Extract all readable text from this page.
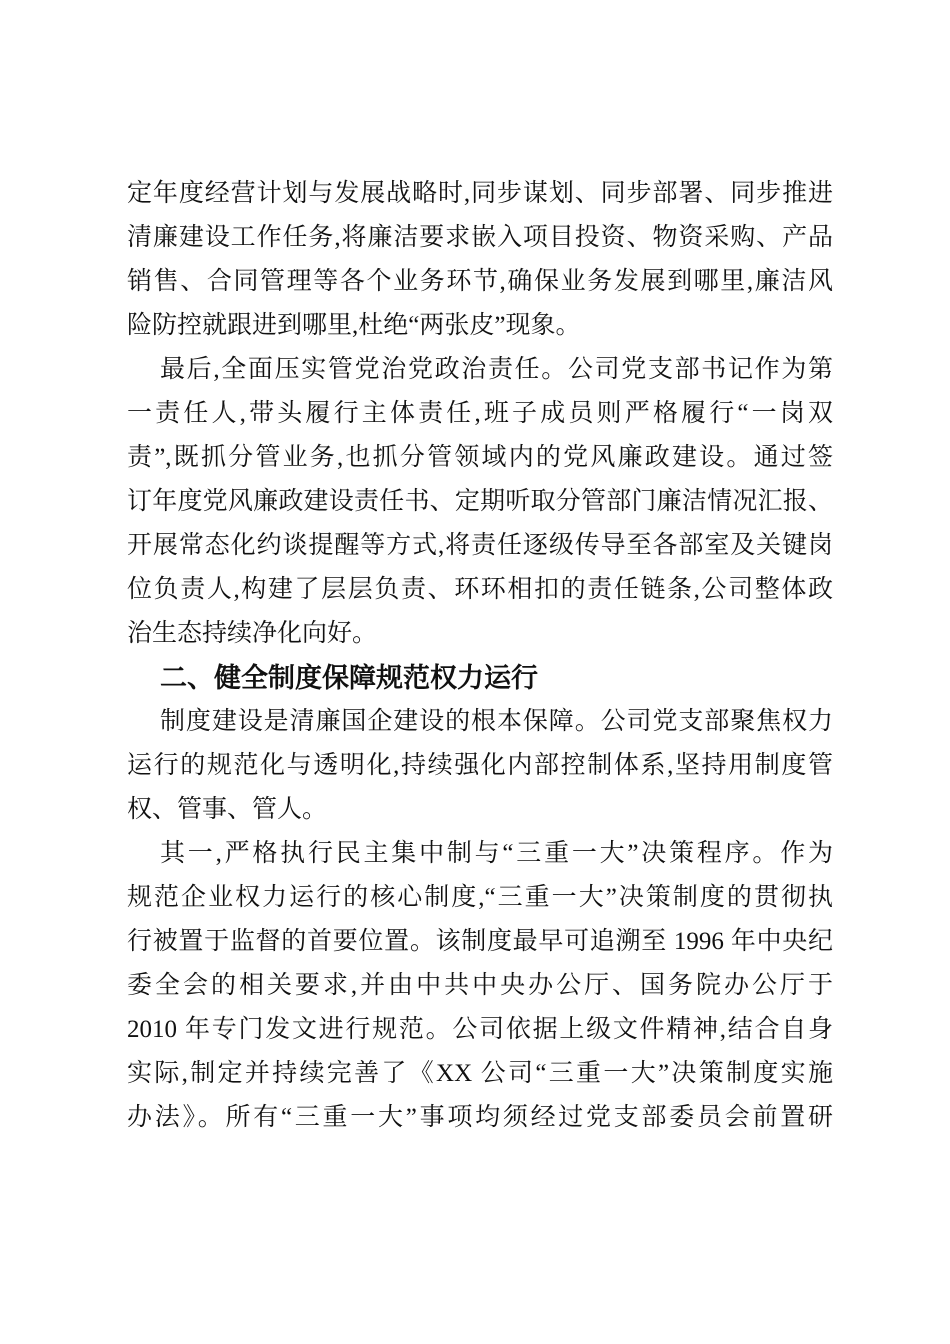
定年度经营计划与发展战略时,同步谋划、同步部署、同步推进
清廉建设工作任务,将廉洁要求嵌入项目投资、物资采购、产品
销售、合同管理等各个业务环节,确保业务发展到哪里,廉洁风
险防控就跟进到哪里,杜绝“两张皮”现象。
最后,全面压实管党治党政治责任。公司党支部书记作为第
一责任人,带头履行主体责任,班子成员则严格履行“一岗双
责”,既抓分管业务,也抓分管领域内的党风廉政建设。通过签
订年度党风廉政建设责任书、定期听取分管部门廉洁情况汇报、
开展常态化约谈提醒等方式,将责任逐级传导至各部室及关键岗
位负责人,构建了层层负责、环环相扣的责任链条,公司整体政
治生态持续净化向好。
二、健全制度保障规范权力运行
制度建设是清廉国企建设的根本保障。公司党支部聚焦权力
运行的规范化与透明化,持续强化内部控制体系,坚持用制度管
权、管事、管人。
其一,严格执行民主集中制与“三重一大”决策程序。作为
规范企业权力运行的核心制度,“三重一大”决策制度的贯彻执
行被置于监督的首要位置。该制度最早可追溯至 1996 年中央纪
委全会的相关要求,并由中共中央办公厅、国务院办公厅于
2010 年专门发文进行规范。公司依据上级文件精神,结合自身
实际,制定并持续完善了《XX 公司“三重一大”决策制度实施
办法》。所有“三重一大”事项均须经过党支部委员会前置研
